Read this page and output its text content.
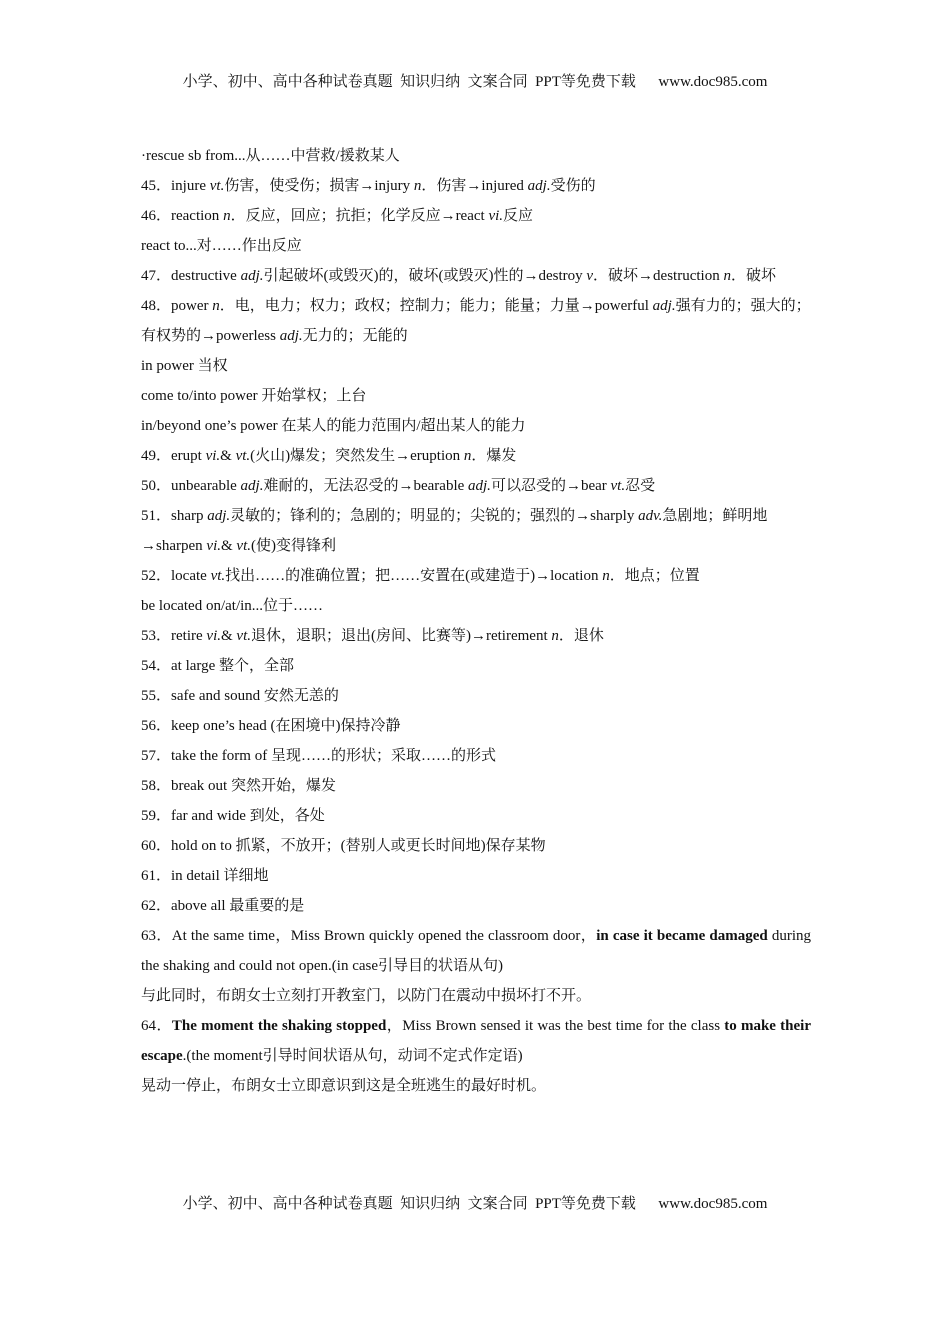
小学、初中、高中各种试卷真题  知识归纳  文案合同  PPT等免费下载      www.doc985.com
·rescue sb from...从……中营救/援救某人
45．injure vt.伤害，使受伤；损害→injury n．伤害→injured adj.受伤的
46．reaction n．反应，回应；抗拒；化学反应→react vi.反应
react to...对……作出反应
47．destructive adj.引起破坏(或毁灭)的，破坏(或毁灭)性的→destroy v．破坏→destruction n．破坏
48．power n．电，电力；权力；政权；控制力；能力；能量；力量→powerful adj.强有力的；强大的；有权势的→powerless adj.无力的；无能的
in power 当权
come to/into power 开始掌权；上台
in/beyond one’s power 在某人的能力范围内/超出某人的能力
49．erupt vi.& vt.(火山)爆发；突然发生→eruption n．爆发
50．unbearable adj.难耐的，无法忍受的→bearable adj.可以忍受的→bear vt.忍受
51．sharp adj.灵敏的；锋利的；急剧的；明显的；尖锐的；强烈的→sharply adv.急剧地；鲜明地→sharpen vi.& vt.(使)变得锋利
52．locate vt.找出……的准确位置；把……安置在(或建造于)→location n．地点；位置
be located on/at/in...位于……
53．retire vi.& vt.退休，退职；退出(房间、比赛等)→retirement n．退休
54．at large 整个，全部
55．safe and sound 安然无恙的
56．keep one’s head (在困境中)保持冷静
57．take the form of 呈现……的形状；采取……的形式
58．break out 突然开始，爆发
59．far and wide 到处，各处
60．hold on to 抓紧，不放开；(替别人或更长时间地)保存某物
61．in detail 详细地
62．above all 最重要的是
63．At the same time，Miss Brown quickly opened the classroom door，in case it became damaged during the shaking and could not open.(in case引导目的状语从句)
与此同时，布朗女士立刻打开教室门，以防门在震动中损坏打不开。
64．The moment the shaking stopped，Miss Brown sensed it was the best time for the class to make their escape.(the moment引导时间状语从句，动词不定式作定语)
晃动一停止，布朗女士立即意识到这是全班逃生的最好时机。
小学、初中、高中各种试卷真题  知识归纳  文案合同  PPT等免费下载      www.doc985.com
